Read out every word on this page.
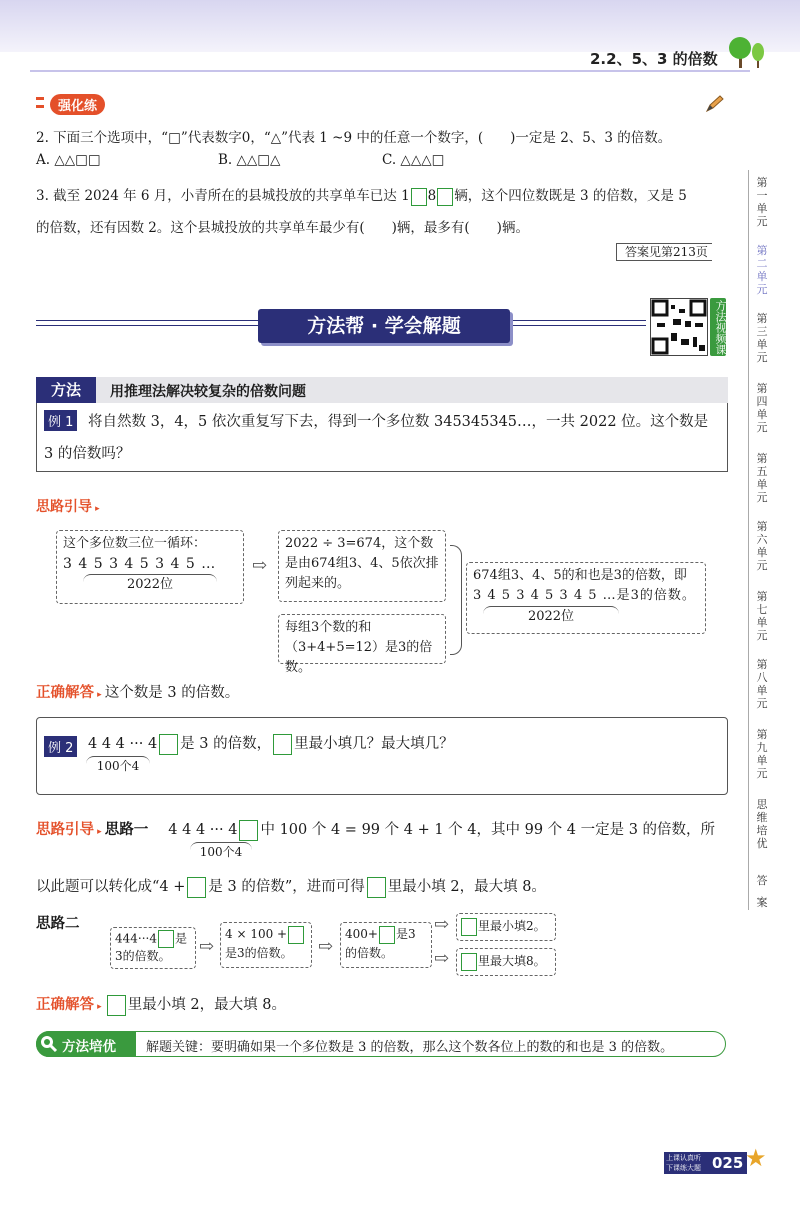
2.2、5、3 的倍数
强化练
2. 下面三个选项中，“□”代表数字0，“△”代表 1 ~9 中的任意一个数字，(　　)一定是 2、5、3 的倍数。
A. △△□□	B. △△□△	C. △△△□
3. 截至 2024 年 6 月，小青所在的县城投放的共享单车已达 1 8 辆，这个四位数既是 3 的倍数，又是 5
的倍数，还有因数 2。这个县城投放的共享单车最少有(　　)辆，最多有(　　)辆。
答案见第213页
方法帮 · 学会解题	方法视频课
方法	用推理法解决较复杂的倍数问题
例 1 将自然数 3，4，5 依次重复写下去，得到一个多位数 345345345…，一共 2022 位。这个数是
3 的倍数吗？
思路引导 ▸
这个多位数三位一循环：
3 4 5 3 4 5 3 4 5 …
2022位
⇨
2022 ÷ 3=674，这个数是由674组3、4、5依次排列起来的。
每组3个数的和（3+4+5=12）是3的倍数。
674组3、4、5的和也是3的倍数，即
3 4 5 3 4 5 3 4 5 …是3的倍数。
2022位
正确解答 ▸ 这个数是 3 的倍数。
例 2 4 4 4 ··· 4 是 3 的倍数， 里最小填几？最大填几？
100个4
思路引导 ▸ 思路一 4 4 4 ··· 4 中 100 个 4 = 99 个 4 + 1 个 4，其中 99 个 4 一定是 3 的倍数，所
100个4
以此题可以转化成“4 + 是 3 的倍数”，进而可得 里最小填 2，最大填 8。
思路二
444···4 是
3的倍数。	⇨
4 × 100 +
是3的倍数。	⇨
400+ 是3
的倍数。
⇨
⇨
里最小填2。
里最大填8。
正确解答 ▸ 里最小填 2，最大填 8。
方法培优 解题关键：要明确如果一个多位数是 3 的倍数，那么这个数各位上的数的和也是 3 的倍数。
第一单元
第二单元
第三单元
第四单元
第五单元
第六单元
第七单元
第八单元
第九单元
思维培优
答案
上课认真听 下课练大题 025 ★
